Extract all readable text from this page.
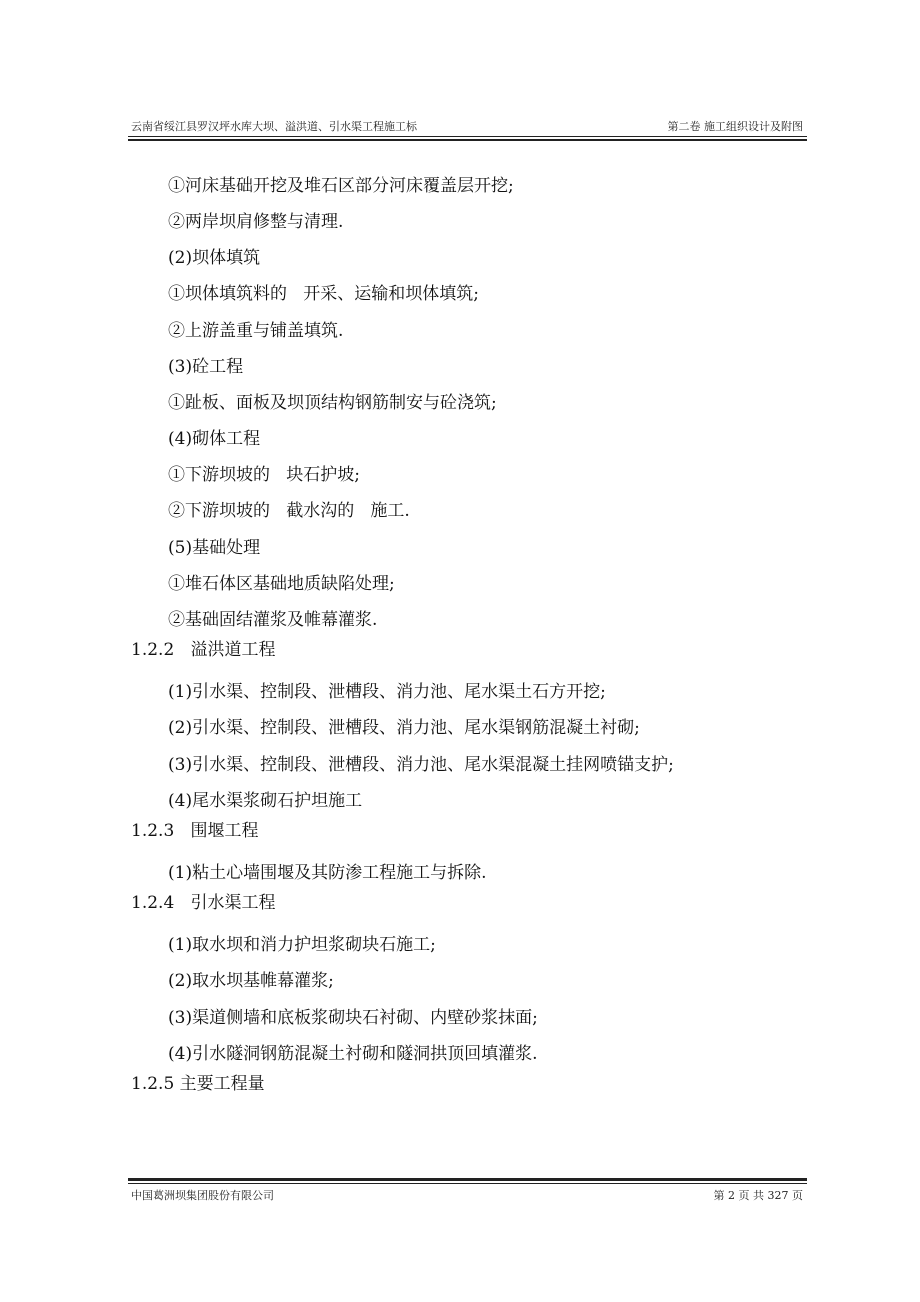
云南省绥江县罗汉坪水库大坝、溢洪道、引水渠工程施工标	第二卷 施工组织设计及附图
①河床基础开挖及堆石区部分河床覆盖层开挖;
②两岸坝肩修整与清理.
(2)坝体填筑
①坝体填筑料的   开采、运输和坝体填筑;
②上游盖重与铺盖填筑.
(3)砼工程
①趾板、面板及坝顶结构钢筋制安与砼浇筑;
(4)砌体工程
①下游坝坡的   块石护坡;
②下游坝坡的   截水沟的   施工.
(5)基础处理
①堆石体区基础地质缺陷处理;
②基础固结灌浆及帷幕灌浆.
1.2.2   溢洪道工程
(1)引水渠、控制段、泄槽段、消力池、尾水渠土石方开挖;
(2)引水渠、控制段、泄槽段、消力池、尾水渠钢筋混凝土衬砌;
(3)引水渠、控制段、泄槽段、消力池、尾水渠混凝土挂网喷锚支护;
(4)尾水渠浆砌石护坦施工
1.2.3   围堰工程
(1)粘土心墙围堰及其防渗工程施工与拆除.
1.2.4   引水渠工程
(1)取水坝和消力护坦浆砌块石施工;
(2)取水坝基帷幕灌浆;
(3)渠道侧墙和底板浆砌块石衬砌、内壁砂浆抹面;
(4)引水隧洞钢筋混凝土衬砌和隧洞拱顶回填灌浆.
1.2.5 主要工程量
中国葛洲坝集团股份有限公司	第 2 页 共 327 页
